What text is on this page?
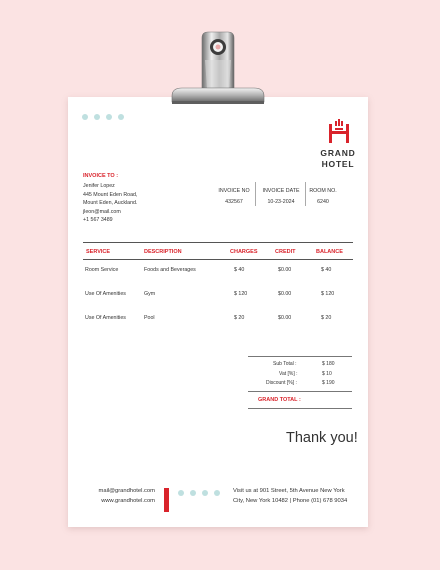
GRAND
HOTEL
INVOICE TO :
Jenifer Lopez
445 Mount Eden Road,
Mount Eden, Auckland.
jleon@mail.com
+1 567 3489
INVOICE NO
432567
INVOICE DATE
10-23-2024
ROOM NO.
6240
SERVICE	DESCRIPTION	CHARGES	CREDIT	BALANCE
Room Service	Foods and Beverages	$ 40	$0.00	$ 40
Use Of Amenities	Gym	$ 120	$0.00	$ 120
Use Of Amenities	Pool	$ 20	$0.00	$ 20
Sub Total :	$ 180
Vat [%] :	$ 10
Discount [%] :	$ 190
GRAND TOTAL :
Thank you!
mail@grandhotel.com
www.grandhotel.com
Visit us at 901 Street, 5th Avenue New York
City, New York 10482 | Phone (01) 678 9034
